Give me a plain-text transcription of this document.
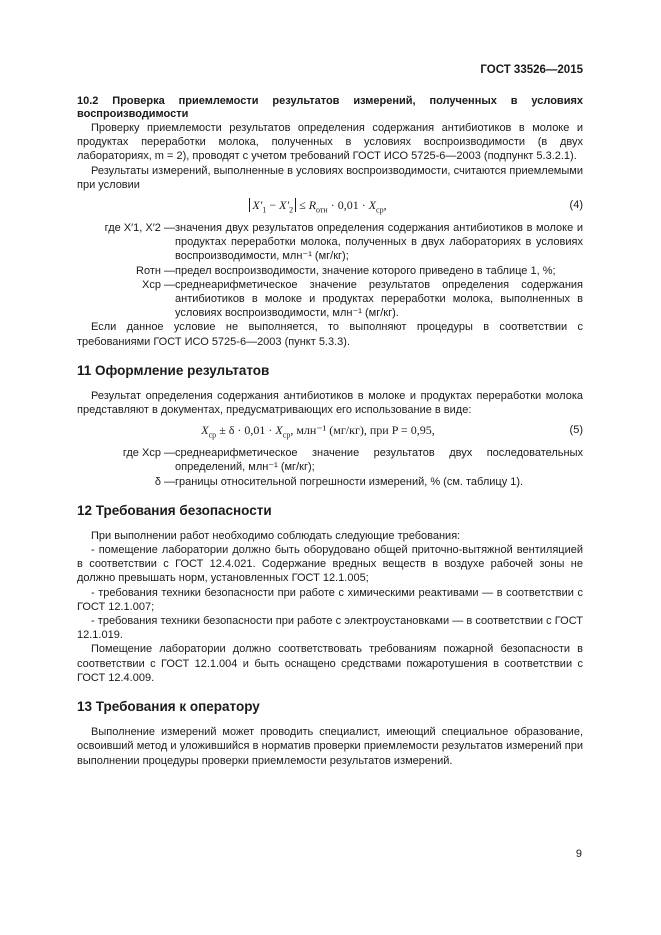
ГОСТ 33526—2015

10.2 Проверка приемлемости результатов измерений, полученных в условиях воспроизводимости

Проверку приемлемости результатов определения содержания антибиотиков в молоке и продуктах переработки молока, полученных в условиях воспроизводимости (в двух лабораториях, m = 2), проводят с учетом требований ГОСТ ИСО 5725-6—2003 (подпункт 5.3.2.1).

Результаты измерений, выполненные в условиях воспроизводимости, считаются приемлемыми при условии

$X'_1 - X'_2 \le R_{отн} \cdot 0,01 \cdot X_{ср}$,	(4)
где X′1, X′2 — значения двух результатов определения содержания антибиотиков в молоке и продуктах переработки молока, полученных в двух лабораториях в условиях воспроизводимости, млн⁻¹ (мг/кг);
Rотн — предел воспроизводимости, значение которого приведено в таблице 1, %;
Xср — среднеарифметическое значение результатов определения содержания антибиотиков в молоке и продуктах переработки молока, выполненных в условиях воспроизводимости, млн⁻¹ (мг/кг).

Если данное условие не выполняется, то выполняют процедуры в соответствии с требованиями ГОСТ ИСО 5725-6—2003 (пункт 5.3.3).

11 Оформление результатов

Результат определения содержания антибиотиков в молоке и продуктах переработки молока представляют в документах, предусматривающих его использование в виде:

$X_{ср} \pm \delta \cdot 0,01 \cdot X_{ср}$, млн⁻¹ (мг/кг), при P = 0,95,	(5)
где Xср — среднеарифметическое значение результатов двух последовательных определений, млн⁻¹ (мг/кг);
δ — границы относительной погрешности измерений, % (см. таблицу 1).

12 Требования безопасности

При выполнении работ необходимо соблюдать следующие требования:

- помещение лаборатории должно быть оборудовано общей приточно-вытяжной вентиляцией в соответствии с ГОСТ 12.4.021. Содержание вредных веществ в воздухе рабочей зоны не должно превышать норм, установленных ГОСТ 12.1.005;

- требования техники безопасности при работе с химическими реактивами — в соответствии с ГОСТ 12.1.007;

- требования техники безопасности при работе с электроустановками — в соответствии с ГОСТ 12.1.019.

Помещение лаборатории должно соответствовать требованиям пожарной безопасности в соответствии с ГОСТ 12.1.004 и быть оснащено средствами пожаротушения в соответствии с ГОСТ 12.4.009.

13 Требования к оператору

Выполнение измерений может проводить специалист, имеющий специальное образование, освоивший метод и уложившийся в норматив проверки приемлемости результатов измерений при выполнении процедуры проверки приемлемости результатов измерений.

9
